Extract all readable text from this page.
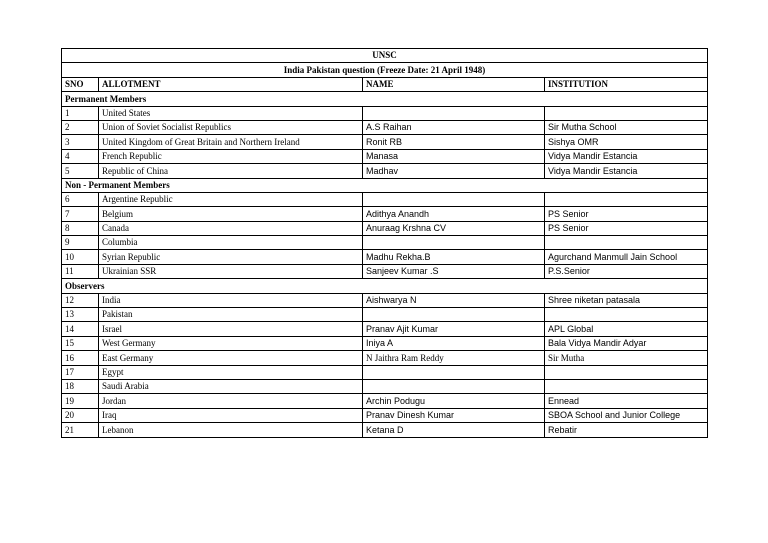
UNSC			
India Pakistan question (Freeze Date: 21 April 1948)			
SNO	ALLOTMENT	NAME	INSTITUTION
Permanent Members			
1	United States		
2	Union of Soviet Socialist Republics	A.S Raihan	Sir Mutha School
3	United Kingdom of Great Britain and Northern Ireland	Ronit RB	Sishya OMR
4	French Republic	Manasa	Vidya Mandir Estancia
5	Republic of China	Madhav	Vidya Mandir Estancia
Non - Permanent Members			
6	Argentine Republic		
7	Belgium	Adithya Anandh	PS Senior
8	Canada	Anuraag Krshna CV	PS Senior
9	Columbia		
10	Syrian Republic	Madhu Rekha.B	Agurchand Manmull Jain School
11	Ukrainian SSR	Sanjeev Kumar .S	P.S.Senior
Observers			
12	India	Aishwarya N	Shree niketan patasala
13	Pakistan		
14	Israel	Pranav Ajit Kumar	APL Global
15	West Germany	Iniya A	Bala Vidya Mandir Adyar
16	East Germany	N Jaithra Ram Reddy	Sir Mutha
17	Egypt		
18	Saudi Arabia		
19	Jordan	Archin Podugu	Ennead
20	Iraq	Pranav Dinesh Kumar	SBOA School and Junior College
21	Lebanon	Ketana D	Rebatir
